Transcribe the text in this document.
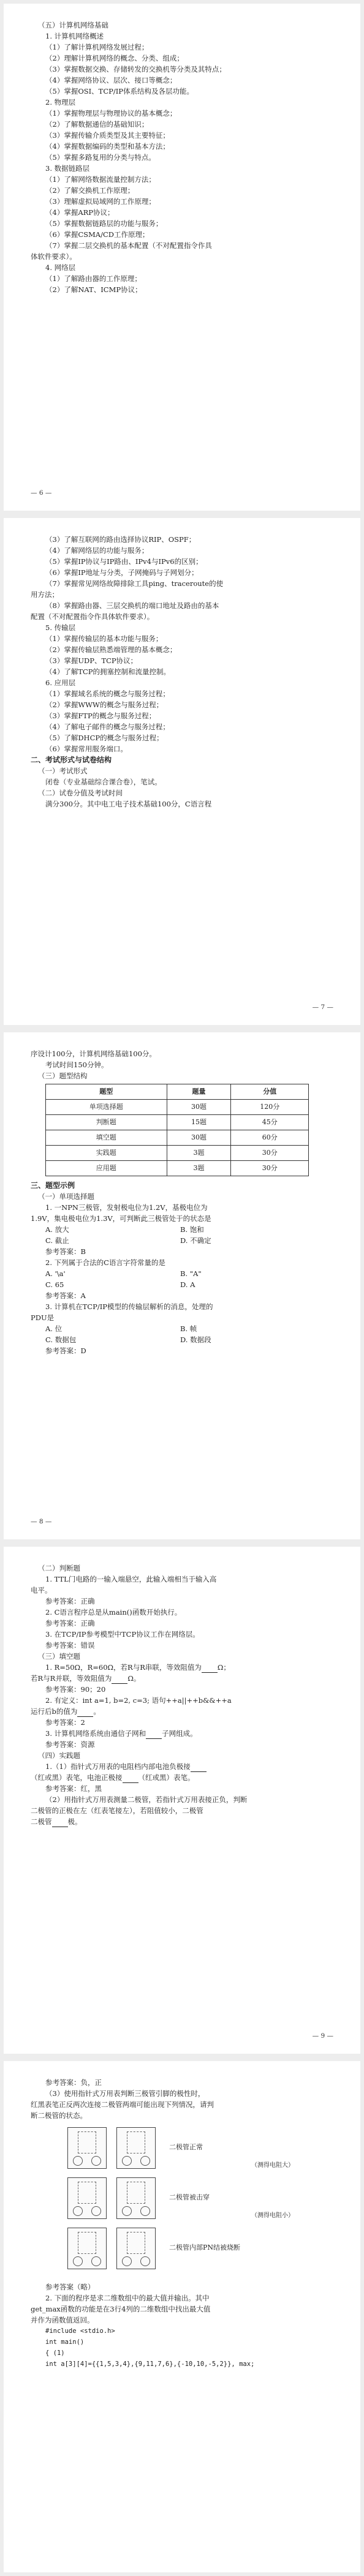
（五）计算机网络基础
1. 计算机网络概述
（1）了解计算机网络发展过程；
（2）理解计算机网络的概念、分类、组成；
（3）掌握数据交换、存储转发的交换机等分类及其特点；
（4）掌握网络协议、层次、接口等概念；
（5）掌握OSI、TCP/IP体系结构及各层功能。
2. 物理层
（1）掌握物理层与物理协议的基本概念；
（2）了解数据通信的基础知识；
（3）掌握传输介质类型及其主要特征；
（4）掌握数据编码的类型和基本方法；
（5）掌握多路复用的分类与特点。
3. 数据链路层
（1）了解网络数据流量控制方法；
（2）了解交换机工作原理；
（3）理解虚拟局域网的工作原理；
（4）掌握ARP协议；
（5）掌握数据链路层的功能与服务；
（6）掌握CSMA/CD工作原理；
（7）掌握二层交换机的基本配置（不对配置指令作具
体软件要求）。
4. 网络层
（1）了解路由器的工作原理；
（2）了解NAT、ICMP协议；
— 6 —
（3）了解互联网的路由选择协议RIP、OSPF；
（4）了解网络层的功能与服务；
（5）掌握IP协议与IP路由、IPv4与IPv6的区别；
（6）掌握IP地址与分类，子网掩码与子网划分；
（7）掌握常见网络故障排除工具ping、traceroute的使
用方法；
（8）掌握路由器、三层交换机的端口地址及路由的基本
配置（不对配置指令作具体软件要求）。
5. 传输层
（1）掌握传输层的基本功能与服务；
（2）掌握传输层熟悉端管理的基本概念；
（3）掌握UDP、TCP协议；
（4）了解TCP的拥塞控制和流量控制。
6. 应用层
（1）掌握域名系统的概念与服务过程；
（2）掌握WWW的概念与服务过程；
（3）掌握FTP的概念与服务过程；
（4）了解电子邮件的概念与服务过程；
（5）了解DHCP的概念与服务过程；
（6）掌握常用服务端口。
二、考试形式与试卷结构
（一）考试形式
闭卷（专业基础综合课合卷），笔试。
（二）试卷分值及考试时间
满分300分。其中电工电子技术基础100分，C语言程
— 7 —
序设计100分，计算机网络基础100分。
考试时间150分钟。
（三）题型结构
题型	题量	分值
单项选择题	30题	120分
判断题	15题	45分
填空题	30题	60分
实践题	3题	30分
应用题	3题	30分
三、题型示例
（一）单项选择题
1. 一NPN三极管，发射极电位为1.2V，基极电位为
1.9V，集电极电位为1.3V，可判断此三极管处于的状态是
A. 放大	B. 饱和
C. 截止	D. 不确定
参考答案：B
2. 下列属于合法的C语言字符常量的是
A. '\a'	B. "A"
C. 65	D. A
参考答案：A
3. 计算机在TCP/IP模型的传输层解析的消息，处理的
PDU是
A. 位	B. 帧
C. 数据包	D. 数据段
参考答案：D
— 8 —
（二）判断题
1. TTL门电路的一输入端悬空，此输入端相当于输入高
电平。
参考答案：正确
2. C语言程序总是从main()函数开始执行。
参考答案：正确
3. 在TCP/IP参考模型中TCP协议工作在网络层。
参考答案：错误
（三）填空题
1. R=50Ω，R=60Ω，若R与R串联，等效阻值为 Ω；
若R与R并联，等效阻值为 Ω。
参考答案：90；20
2. 有定义：int a=1, b=2, c=3; 语句++a||++b&&++a
运行后b的值为 。
参考答案：2
3. 计算机网络系统由通信子网和 子网组成。
参考答案：资源
（四）实践题
1.（1）指针式万用表的电阻档内部电池负极接
（红或黑）表笔，电池正极接 （红或黑）表笔。
参考答案：红，黑
（2）用指针式万用表测量二极管，若指针式万用表接正负，判断
二极管的正极在左（红表笔接左），若阻值较小，二极管
二极管 极。
— 9 —
参考答案：负，正
（3）使用指针式万用表判断三极管引脚的极性时，
红黑表笔正反两次连接二极管两端可能出现下列情况，请判
断二极管的状态。
二极管正常
二极管被击穿
二极管内部PN结被烧断
（测得电阻大）
（测得电阻小）
参考答案（略）
2. 下面的程序是求二维数组中的最大值并输出。其中
get_max函数的功能是在3行4列的二维数组中找出最大值
并作为函数值返回。
#include <stdio.h>
int main()
{ (1)
int a[3][4]={{1,5,3,4},{9,11,7,6},{-10,10,-5,2}}, max;
